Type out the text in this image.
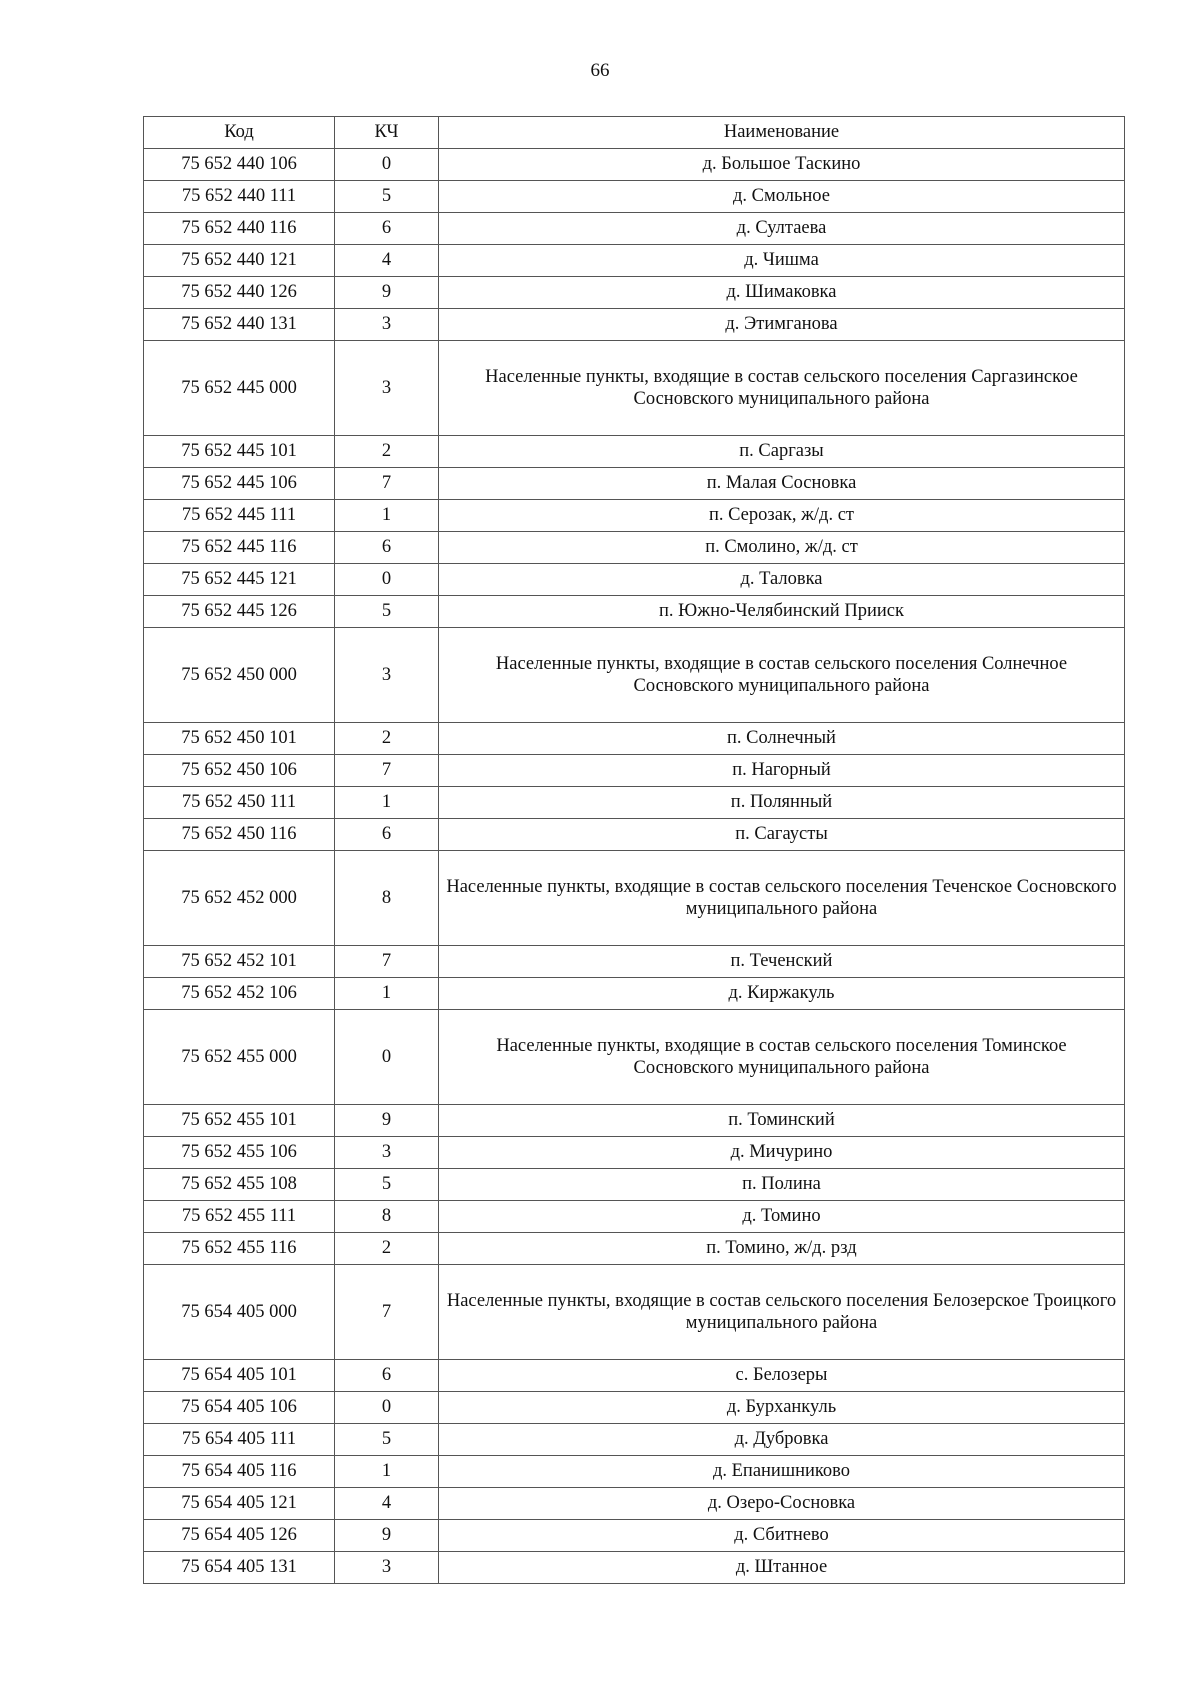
66
Код	КЧ	Наименование
75 652 440 106	0	д. Большое Таскино
75 652 440 111	5	д. Смольное
75 652 440 116	6	д. Султаева
75 652 440 121	4	д. Чишма
75 652 440 126	9	д. Шимаковка
75 652 440 131	3	д. Этимганова
75 652 445 000	3	Населенные пункты, входящие в состав сельского поселения Саргазинское Сосновского муниципального района
75 652 445 101	2	п. Саргазы
75 652 445 106	7	п. Малая Сосновка
75 652 445 111	1	п. Серозак, ж/д. ст
75 652 445 116	6	п. Смолино, ж/д. ст
75 652 445 121	0	д. Таловка
75 652 445 126	5	п. Южно-Челябинский Прииск
75 652 450 000	3	Населенные пункты, входящие в состав сельского поселения Солнечное Сосновского муниципального района
75 652 450 101	2	п. Солнечный
75 652 450 106	7	п. Нагорный
75 652 450 111	1	п. Полянный
75 652 450 116	6	п. Сагаусты
75 652 452 000	8	Населенные пункты, входящие в состав сельского поселения Теченское Сосновского муниципального района
75 652 452 101	7	п. Теченский
75 652 452 106	1	д. Киржакуль
75 652 455 000	0	Населенные пункты, входящие в состав сельского поселения Томинское Сосновского муниципального района
75 652 455 101	9	п. Томинский
75 652 455 106	3	д. Мичурино
75 652 455 108	5	п. Полина
75 652 455 111	8	д. Томино
75 652 455 116	2	п. Томино, ж/д. рзд
75 654 405 000	7	Населенные пункты, входящие в состав сельского поселения Белозерское Троицкого муниципального района
75 654 405 101	6	с. Белозеры
75 654 405 106	0	д. Бурханкуль
75 654 405 111	5	д. Дубровка
75 654 405 116	1	д. Епанишниково
75 654 405 121	4	д. Озеро-Сосновка
75 654 405 126	9	д. Сбитнево
75 654 405 131	3	д. Штанное
